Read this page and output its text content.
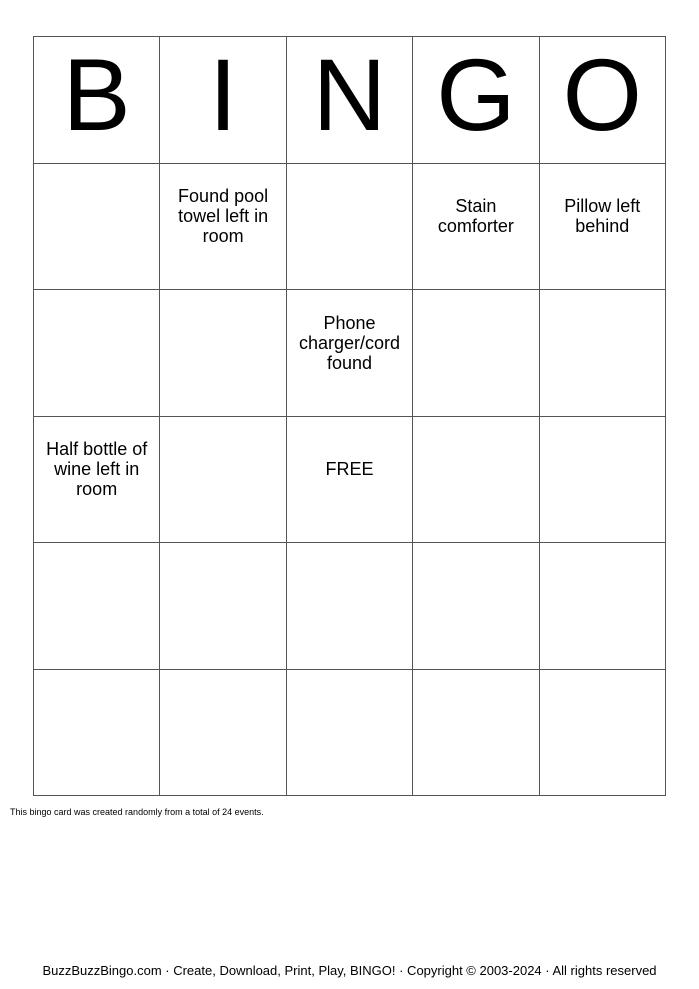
B I N G O
Found pool
towel left in
room
Stain
comforter
Pillow left
behind
Phone
charger/cord
found
Half bottle of
wine left in
room
FREE
This bingo card was created randomly from a total of 24 events.
BuzzBuzzBingo.com · Create, Download, Print, Play, BINGO! · Copyright © 2003-2024 · All rights reserved
